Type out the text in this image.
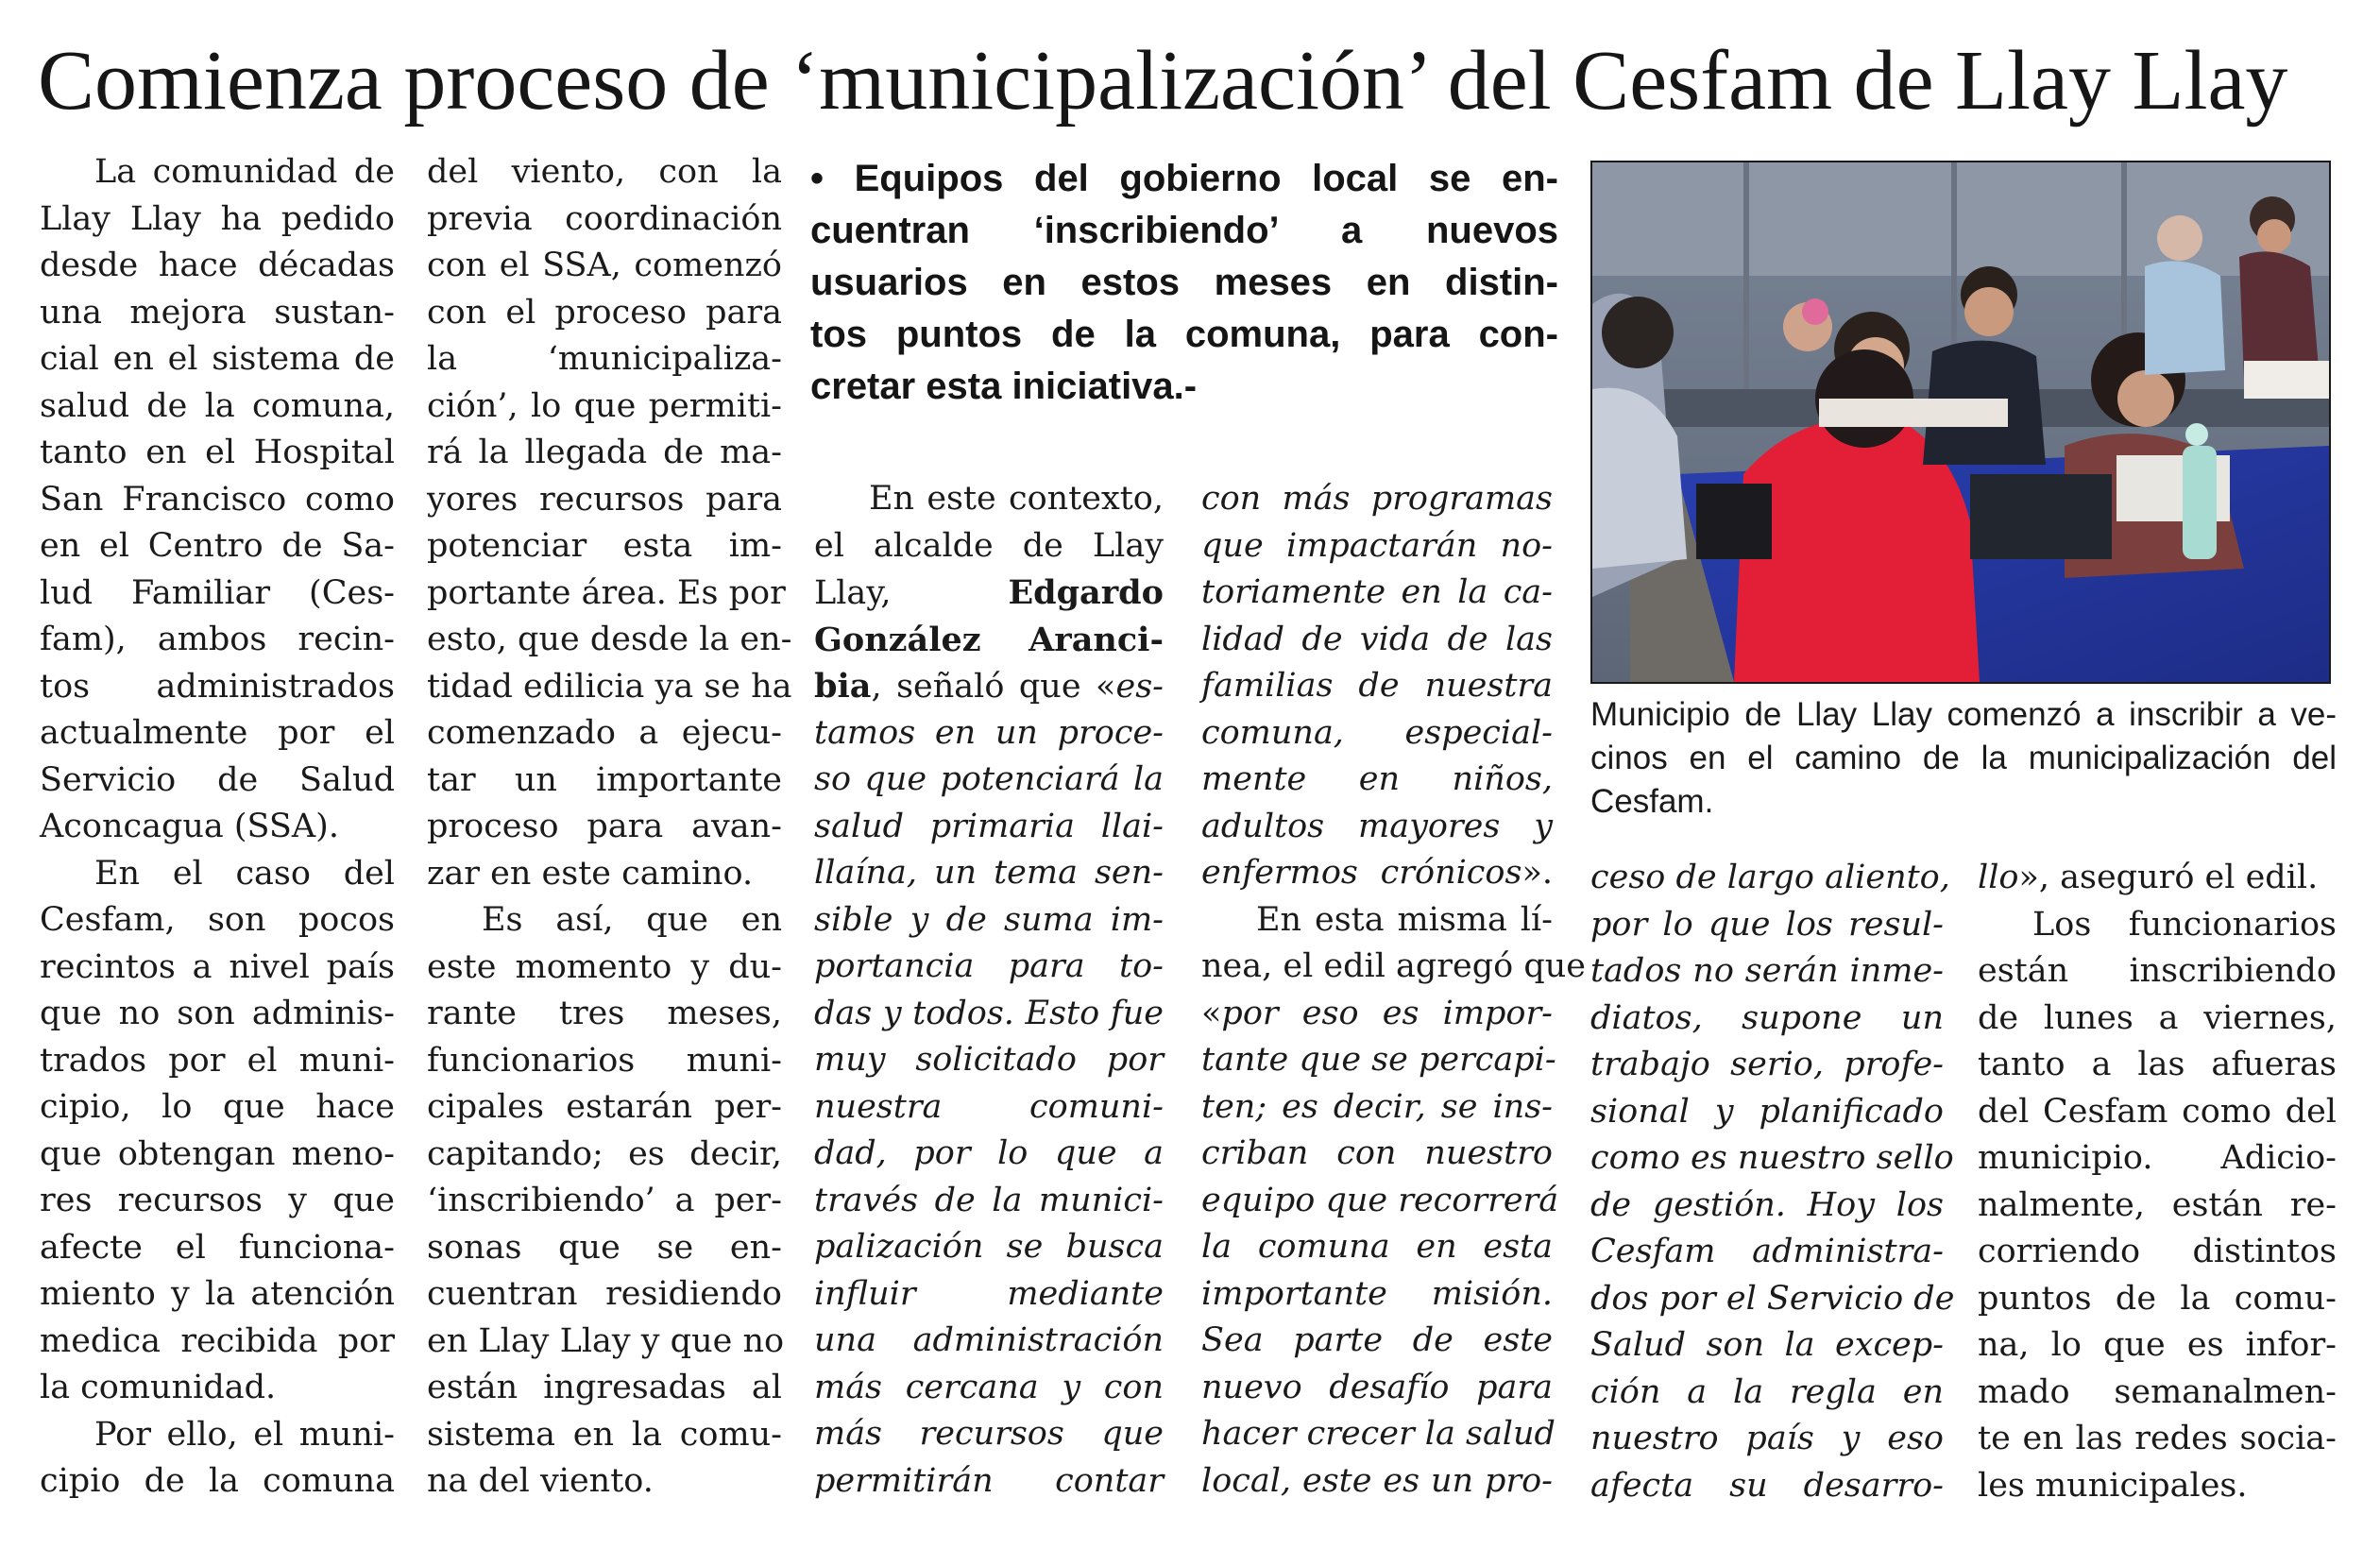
Comienza proceso de ‘municipalización’ del Cesfam de Llay Llay
La comunidad de
Llay Llay ha pedido
desde hace décadas
una mejora sustan-
cial en el sistema de
salud de la comuna,
tanto en el Hospital
San Francisco como
en el Centro de Sa-
lud Familiar (Ces-
fam), ambos recin-
tos administrados
actualmente por el
Servicio de Salud
Aconcagua (SSA).
En el caso del
Cesfam, son pocos
recintos a nivel país
que no son adminis-
trados por el muni-
cipio, lo que hace
que obtengan meno-
res recursos y que
afecte el funciona-
miento y la atención
medica recibida por
la comunidad.
Por ello, el muni-
cipio de la comuna
del viento, con la
previa coordinación
con el SSA, comenzó
con el proceso para
la ‘municipaliza-
ción’, lo que permiti-
rá la llegada de ma-
yores recursos para
potenciar esta im-
portante área. Es por
esto, que desde la en-
tidad edilicia ya se ha
comenzado a ejecu-
tar un importante
proceso para avan-
zar en este camino.
Es así, que en
este momento y du-
rante tres meses,
funcionarios muni-
cipales estarán per-
capitando; es decir,
‘inscribiendo’ a per-
sonas que se en-
cuentran residiendo
en Llay Llay y que no
están ingresadas al
sistema en la comu-
na del viento.
• Equipos del gobierno local se en-
cuentran ‘inscribiendo’ a nuevos
usuarios en estos meses en distin-
tos puntos de la comuna, para con-
cretar esta iniciativa.-
En este contexto,
el alcalde de Llay
Llay,	Edgardo
González Aranci-
bia, señaló que «es-
tamos en un proce-
so que potenciará la
salud primaria llai-
llaína, un tema sen-
sible y de suma im-
portancia para to-
das y todos. Esto fue
muy solicitado por
nuestra comuni-
dad, por lo que a
través de la munici-
palización se busca
influir mediante
una administración
más cercana y con
más recursos que
permitirán contar
con más programas
que impactarán no-
toriamente en la ca-
lidad de vida de las
familias de nuestra
comuna, especial-
mente en niños,
adultos mayores y
enfermos crónicos».
En esta misma lí-
nea, el edil agregó que
«por eso es impor-
tante que se percapi-
ten; es decir, se ins-
criban con nuestro
equipo que recorrerá
la comuna en esta
importante misión.
Sea parte de este
nuevo desafío para
hacer crecer la salud
local, este es un pro-
Municipio de Llay Llay comenzó a inscribir a ve-
cinos en el camino de la municipalización del
Cesfam.
ceso de largo aliento,
por lo que los resul-
tados no serán inme-
diatos, supone un
trabajo serio, profe-
sional y planificado
como es nuestro sello
de gestión. Hoy los
Cesfam administra-
dos por el Servicio de
Salud son la excep-
ción a la regla en
nuestro país y eso
afecta su desarro-
llo», aseguró el edil.
Los funcionarios
están inscribiendo
de lunes a viernes,
tanto a las afueras
del Cesfam como del
municipio. Adicio-
nalmente, están re-
corriendo distintos
puntos de la comu-
na, lo que es infor-
mado semanalmen-
te en las redes socia-
les municipales.
